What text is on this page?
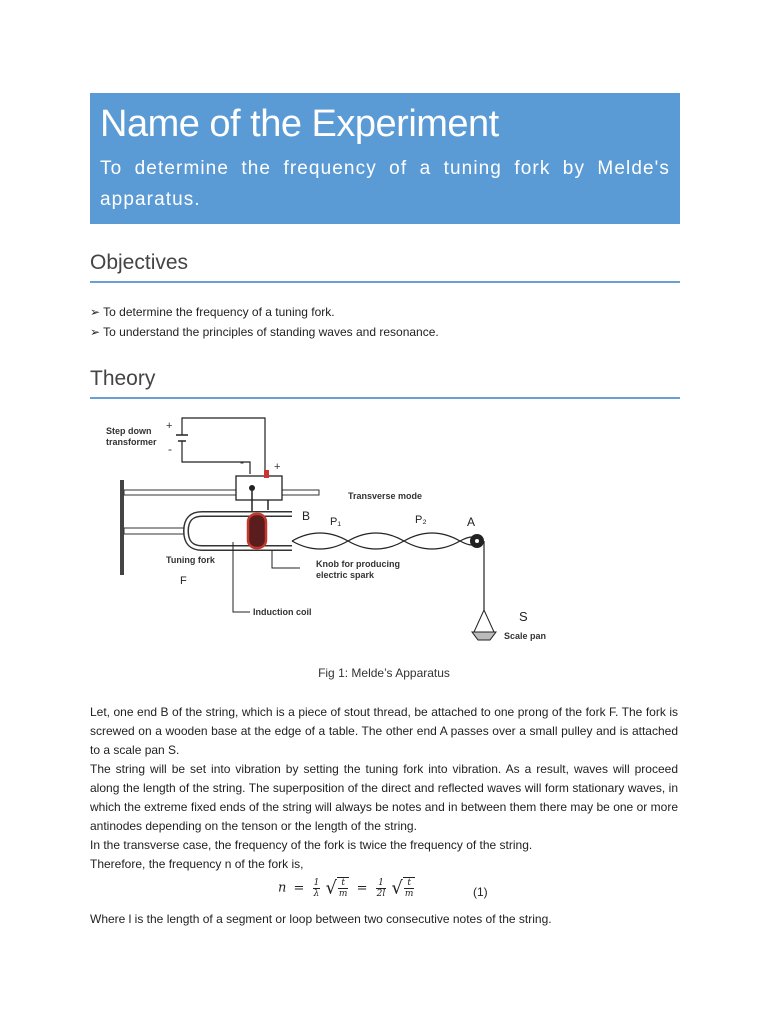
Name of the Experiment
To determine the frequency of a tuning fork by Melde's apparatus.
Objectives
➢ To determine the frequency of a tuning fork.
➢ To understand the principles of standing waves and resonance.
Theory
Step down
transformer
+
-
-	+
Transverse mode
B P₁	P₂	A
Tuning fork
F
Knob for producing
electric spark
Induction coil	S
Scale pan
Fig 1: Melde’s Apparatus

Let, one end B of the string, which is a piece of stout thread, be attached to one prong of the fork F. The fork is screwed on a wooden base at the edge of a table. The other end A passes over a small pulley and is attached to a scale pan S.

The string will be set into vibration by setting the tuning fork into vibration. As a result, waves will proceed along the length of the string. The superposition of the direct and reflected waves will form stationary waves, in which the extreme fixed ends of the string will always be notes and in between them there may be one or more antinodes depending on the tenson or the length of the string.

In the transverse case, the frequency of the fork is twice the frequency of the string.

Therefore, the frequency n of the fork is,

$n = \frac{1}{\lambda}$ √ $\frac{t}{m} = \frac{1}{2l}$ √ $\frac{t}{m}$	(1)

Where l is the length of a segment or loop between two consecutive notes of the string.
